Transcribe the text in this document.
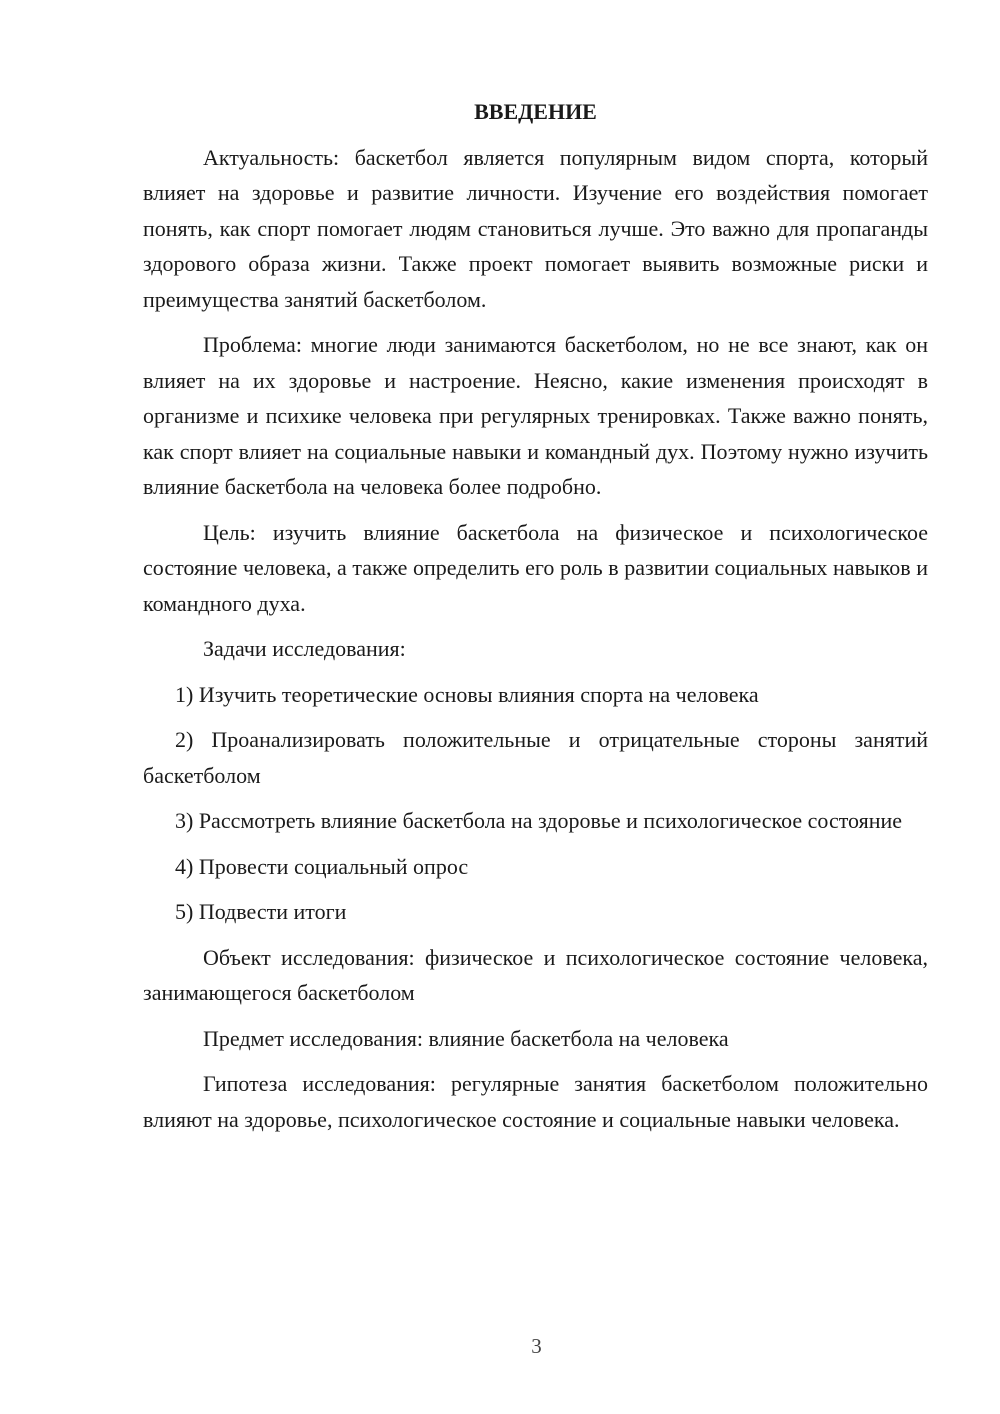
ВВЕДЕНИЕ

Актуальность: баскетбол является популярным видом спорта, который влияет на здоровье и развитие личности. Изучение его воздействия помогает понять, как спорт помогает людям становиться лучше. Это важно для пропаганды здорового образа жизни. Также проект помогает выявить возможные риски и преимущества занятий баскетболом.

Проблема: многие люди занимаются баскетболом, но не все знают, как он влияет на их здоровье и настроение. Неясно, какие изменения происходят в организме и психике человека при регулярных тренировках. Также важно понять, как спорт влияет на социальные навыки и командный дух. Поэтому нужно изучить влияние баскетбола на человека более подробно.

Цель: изучить влияние баскетбола на физическое и психологическое состояние человека, а также определить его роль в развитии социальных навыков и командного духа.

Задачи исследования:

1) Изучить теоретические основы влияния спорта на человека

2) Проанализировать положительные и отрицательные стороны занятий баскетболом

3) Рассмотреть влияние баскетбола на здоровье и психологическое состояние

4) Провести социальный опрос

5) Подвести итоги

Объект исследования: физическое и психологическое состояние человека, занимающегося баскетболом

Предмет исследования: влияние баскетбола на человека

Гипотеза исследования: регулярные занятия баскетболом положительно влияют на здоровье, психологическое состояние и социальные навыки человека.

3
